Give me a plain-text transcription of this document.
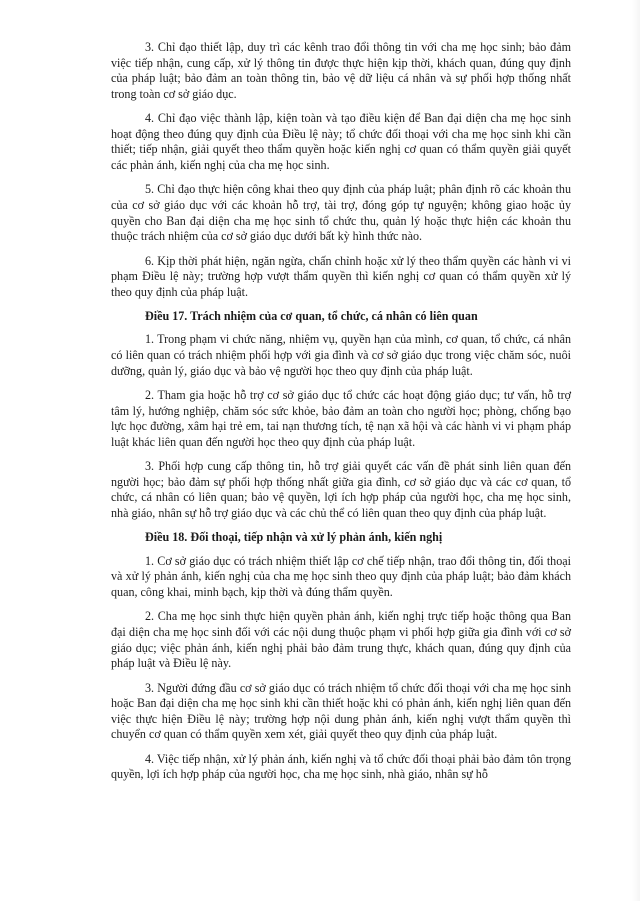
3. Chỉ đạo thiết lập, duy trì các kênh trao đổi thông tin với cha mẹ học sinh; bảo đảm việc tiếp nhận, cung cấp, xử lý thông tin được thực hiện kịp thời, khách quan, đúng quy định của pháp luật; bảo đảm an toàn thông tin, bảo vệ dữ liệu cá nhân và sự phối hợp thống nhất trong toàn cơ sở giáo dục.

4. Chỉ đạo việc thành lập, kiện toàn và tạo điều kiện để Ban đại diện cha mẹ học sinh hoạt động theo đúng quy định của Điều lệ này; tổ chức đối thoại với cha mẹ học sinh khi cần thiết; tiếp nhận, giải quyết theo thẩm quyền hoặc kiến nghị cơ quan có thẩm quyền giải quyết các phản ánh, kiến nghị của cha mẹ học sinh.

5. Chỉ đạo thực hiện công khai theo quy định của pháp luật; phân định rõ các khoản thu của cơ sở giáo dục với các khoản hỗ trợ, tài trợ, đóng góp tự nguyện; không giao hoặc ủy quyền cho Ban đại diện cha mẹ học sinh tổ chức thu, quản lý hoặc thực hiện các khoản thu thuộc trách nhiệm của cơ sở giáo dục dưới bất kỳ hình thức nào.

6. Kịp thời phát hiện, ngăn ngừa, chấn chỉnh hoặc xử lý theo thẩm quyền các hành vi vi phạm Điều lệ này; trường hợp vượt thẩm quyền thì kiến nghị cơ quan có thẩm quyền xử lý theo quy định của pháp luật.

Điều 17. Trách nhiệm của cơ quan, tổ chức, cá nhân có liên quan

1. Trong phạm vi chức năng, nhiệm vụ, quyền hạn của mình, cơ quan, tổ chức, cá nhân có liên quan có trách nhiệm phối hợp với gia đình và cơ sở giáo dục trong việc chăm sóc, nuôi dưỡng, quản lý, giáo dục và bảo vệ người học theo quy định của pháp luật.

2. Tham gia hoặc hỗ trợ cơ sở giáo dục tổ chức các hoạt động giáo dục; tư vấn, hỗ trợ tâm lý, hướng nghiệp, chăm sóc sức khỏe, bảo đảm an toàn cho người học; phòng, chống bạo lực học đường, xâm hại trẻ em, tai nạn thương tích, tệ nạn xã hội và các hành vi vi phạm pháp luật khác liên quan đến người học theo quy định của pháp luật.

3. Phối hợp cung cấp thông tin, hỗ trợ giải quyết các vấn đề phát sinh liên quan đến người học; bảo đảm sự phối hợp thống nhất giữa gia đình, cơ sở giáo dục và các cơ quan, tổ chức, cá nhân có liên quan; bảo vệ quyền, lợi ích hợp pháp của người học, cha mẹ học sinh, nhà giáo, nhân sự hỗ trợ giáo dục và các chủ thể có liên quan theo quy định của pháp luật.

Điều 18. Đối thoại, tiếp nhận và xử lý phản ánh, kiến nghị

1. Cơ sở giáo dục có trách nhiệm thiết lập cơ chế tiếp nhận, trao đổi thông tin, đối thoại và xử lý phản ánh, kiến nghị của cha mẹ học sinh theo quy định của pháp luật; bảo đảm khách quan, công khai, minh bạch, kịp thời và đúng thẩm quyền.

2. Cha mẹ học sinh thực hiện quyền phản ánh, kiến nghị trực tiếp hoặc thông qua Ban đại diện cha mẹ học sinh đối với các nội dung thuộc phạm vi phối hợp giữa gia đình với cơ sở giáo dục; việc phản ánh, kiến nghị phải bảo đảm trung thực, khách quan, đúng quy định của pháp luật và Điều lệ này.

3. Người đứng đầu cơ sở giáo dục có trách nhiệm tổ chức đối thoại với cha mẹ học sinh hoặc Ban đại diện cha mẹ học sinh khi cần thiết hoặc khi có phản ánh, kiến nghị liên quan đến việc thực hiện Điều lệ này; trường hợp nội dung phản ánh, kiến nghị vượt thẩm quyền thì chuyển cơ quan có thẩm quyền xem xét, giải quyết theo quy định của pháp luật.

4. Việc tiếp nhận, xử lý phản ánh, kiến nghị và tổ chức đối thoại phải bảo đảm tôn trọng quyền, lợi ích hợp pháp của người học, cha mẹ học sinh, nhà giáo, nhân sự hỗ
